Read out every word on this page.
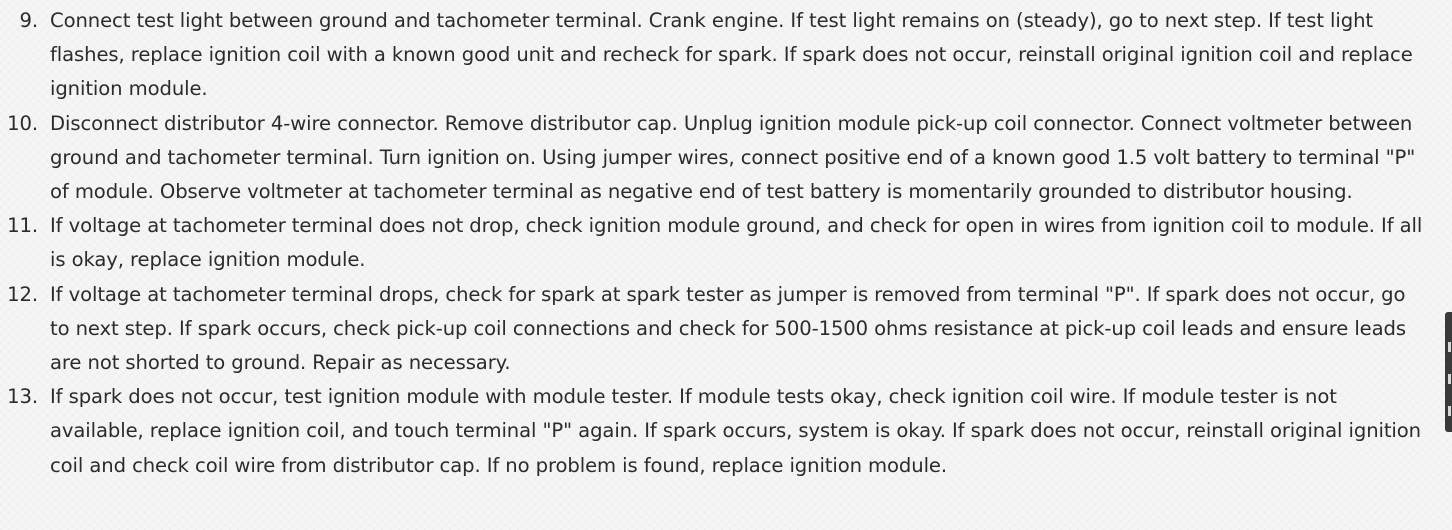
9. Connect test light between ground and tachometer terminal. Crank engine. If test light remains on (steady), go to next step. If test light flashes, replace ignition coil with a known good unit and recheck for spark. If spark does not occur, reinstall original ignition coil and replace ignition module.
10. Disconnect distributor 4-wire connector. Remove distributor cap. Unplug ignition module pick-up coil connector. Connect voltmeter between ground and tachometer terminal. Turn ignition on. Using jumper wires, connect positive end of a known good 1.5 volt battery to terminal "P" of module. Observe voltmeter at tachometer terminal as negative end of test battery is momentarily grounded to distributor housing.
11. If voltage at tachometer terminal does not drop, check ignition module ground, and check for open in wires from ignition coil to module. If all is okay, replace ignition module.
12. If voltage at tachometer terminal drops, check for spark at spark tester as jumper is removed from terminal "P". If spark does not occur, go to next step. If spark occurs, check pick-up coil connections and check for 500-1500 ohms resistance at pick-up coil leads and ensure leads are not shorted to ground. Repair as necessary.
13. If spark does not occur, test ignition module with module tester. If module tests okay, check ignition coil wire. If module tester is not available, replace ignition coil, and touch terminal "P" again. If spark occurs, system is okay. If spark does not occur, reinstall original ignition coil and check coil wire from distributor cap. If no problem is found, replace ignition module.
